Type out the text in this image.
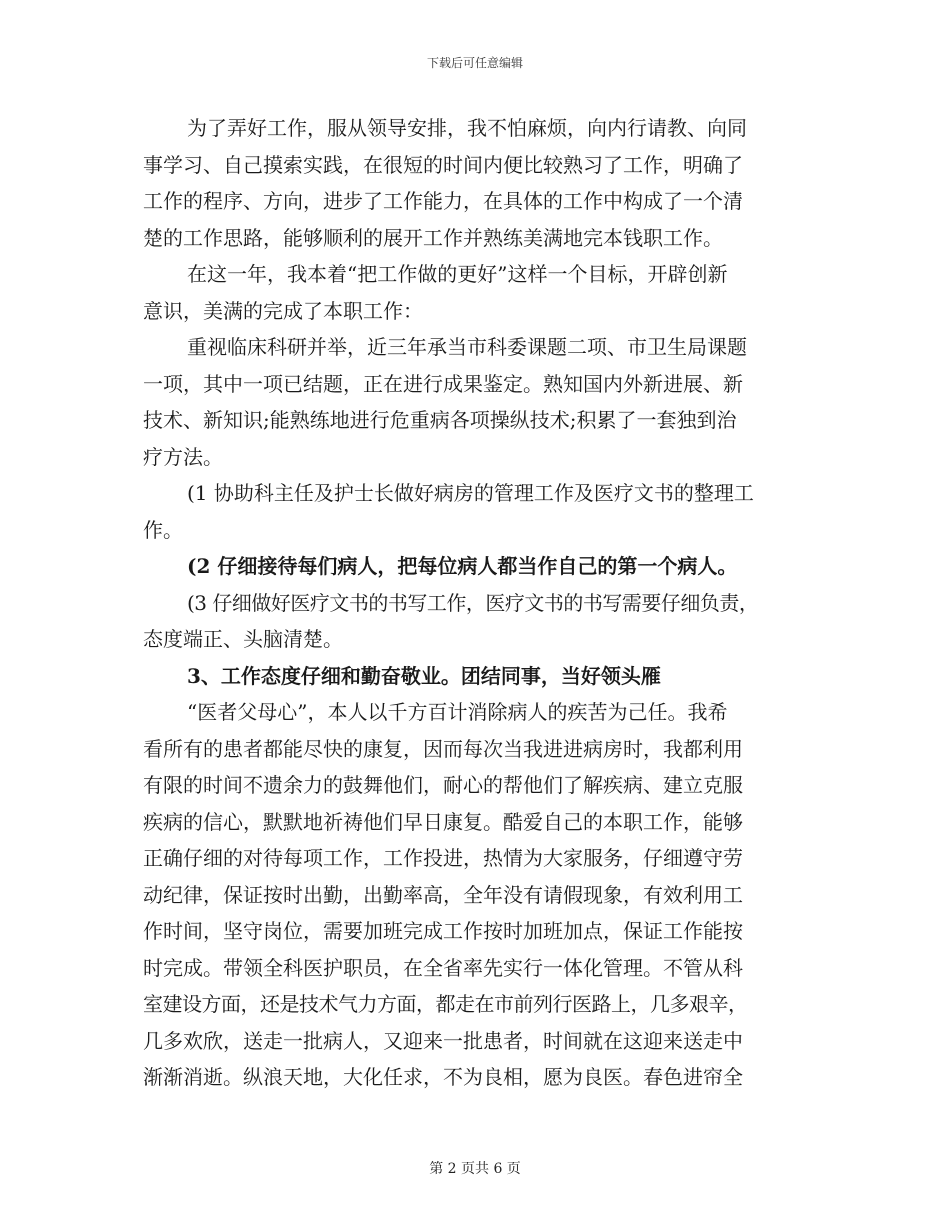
下载后可任意编辑
为了弄好工作，服从领导安排，我不怕麻烦，向内行请教、向同
事学习、自己摸索实践，在很短的时间内便比较熟习了工作，明确了
工作的程序、方向，进步了工作能力，在具体的工作中构成了一个清
楚的工作思路，能够顺利的展开工作并熟练美满地完本钱职工作。
在这一年，我本着“把工作做的更好”这样一个目标，开辟创新
意识，美满的完成了本职工作：
重视临床科研并举，近三年承当市科委课题二项、市卫生局课题
一项，其中一项已结题，正在进行成果鉴定。熟知国内外新进展、新
技术、新知识;能熟练地进行危重病各项操纵技术;积累了一套独到治
疗方法。
(1 协助科主任及护士长做好病房的管理工作及医疗文书的整理工
作。
(2 仔细接待每们病人，把每位病人都当作自己的第一个病人。
(3 仔细做好医疗文书的书写工作，医疗文书的书写需要仔细负责，
态度端正、头脑清楚。
3、工作态度仔细和勤奋敬业。团结同事，当好领头雁
“医者父母心”，本人以千方百计消除病人的疾苦为己任。我希
看所有的患者都能尽快的康复，因而每次当我进进病房时，我都利用
有限的时间不遗余力的鼓舞他们，耐心的帮他们了解疾病、建立克服
疾病的信心，默默地祈祷他们早日康复。酷爱自己的本职工作，能够
正确仔细的对待每项工作，工作投进，热情为大家服务，仔细遵守劳
动纪律，保证按时出勤，出勤率高，全年没有请假现象，有效利用工
作时间，坚守岗位，需要加班完成工作按时加班加点，保证工作能按
时完成。带领全科医护职员，在全省率先实行一体化管理。不管从科
室建设方面，还是技术气力方面，都走在市前列行医路上，几多艰辛，
几多欢欣，送走一批病人，又迎来一批患者，时间就在这迎来送走中
渐渐消逝。纵浪天地，大化任求，不为良相，愿为良医。春色进帘全
第 2 页共 6 页
